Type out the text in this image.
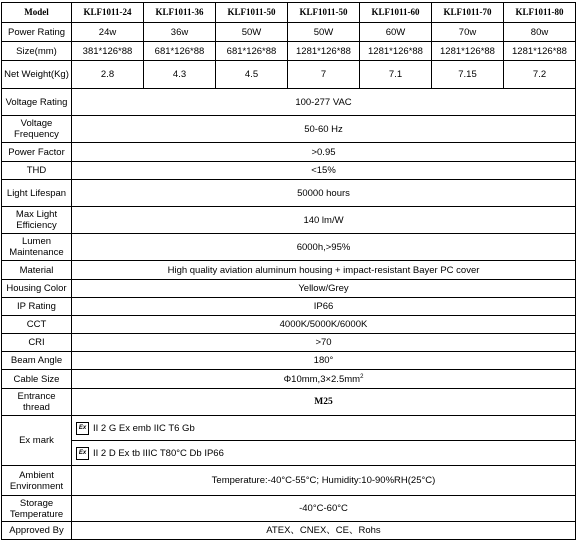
Model	KLF1011-24	KLF1011-36	KLF1011-50	KLF1011-50	KLF1011-60	KLF1011-70	KLF1011-80
Power Rating	24w	36w	50W	50W	60W	70w	80w
Size(mm)	381*126*88	681*126*88	681*126*88	1281*126*88	1281*126*88	1281*126*88	1281*126*88
Net Weight(Kg)	2.8	4.3	4.5	7	7.1	7.15	7.2
Voltage Rating	100-277 VAC						
Voltage Frequency	50-60 Hz						
Power Factor	>0.95						
THD	<15%						
Light Lifespan	50000 hours						
Max Light Efficiency	140 lm/W						
Lumen Maintenance	6000h,>95%						
Material	High quality aviation aluminum housing + impact-resistant Bayer PC cover						
Housing Color	Yellow/Grey						
IP Rating	IP66						
CCT	4000K/5000K/6000K						
CRI	>70						
Beam Angle	180°						
Cable Size	$\Phi 10mm,3\times 2.5mm^2$
Entrance thread	M25						
Ex mark	Ex II 2 G Ex emb IIC T6 Gb
Ex II 2 D Ex tb IIIC T80°C Db IP66						

Ambient Environment	Temperature:-40°C-55°C; Humidity:10-90%RH(25°C)						
Storage Temperature	-40°C-60°C						
Approved By	ATEX、CNEX、CE、Rohs						
